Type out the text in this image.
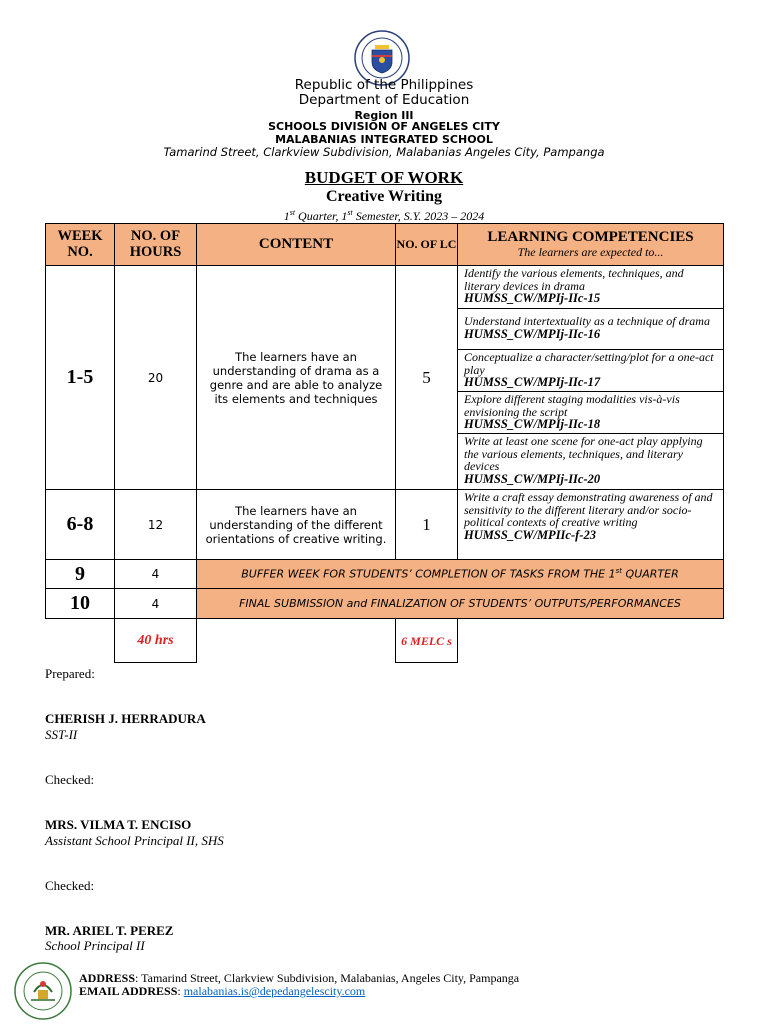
Republic of the Philippines
Department of Education
Region III
SCHOOLS DIVISION OF ANGELES CITY
MALABANIAS INTEGRATED SCHOOL
Tamarind Street, Clarkview Subdivision, Malabanias Angeles City, Pampanga
BUDGET OF WORK
Creative Writing
1st Quarter, 1st Semester, S.Y. 2023 – 2024
WEEK NO.	NO. OF HOURS	CONTENT	NO. OF LC	LEARNING COMPETENCIES
The learners are expected to...

1-5	20	The learners have an understanding of drama as a genre and are able to analyze its elements and techniques	5	Identify the various elements, techniques, and literary devices in drama
HUMSS_CW/MPIj-IIc-15
				Understand intertextuality as a technique of drama HUMSS_CW/MPIj-IIc-16
				Conceptualize a character/setting/plot for a one-act play
HUMSS_CW/MPIj-IIc-17
				Explore different staging modalities vis-à-vis envisioning the script
HUMSS_CW/MPIj-IIc-18
				Write at least one scene for one-act play applying the various elements, techniques, and literary devices
HUMSS_CW/MPIj-IIc-20
6-8	12	The learners have an understanding of the different orientations of creative writing.	1	Write a craft essay demonstrating awareness of and sensitivity to the different literary and/or socio-political contexts of creative writing
HUMSS_CW/MPIIc-f-23
9	4	BUFFER WEEK FOR STUDENTS’ COMPLETION OF TASKS FROM THE 1st QUARTER		
10	4	FINAL SUBMISSION and FINALIZATION OF STUDENTS’ OUTPUTS/PERFORMANCES		
	40 hrs		6 MELC s	
Prepared:
CHERISH J. HERRADURA
SST-II
Checked:
MRS. VILMA T. ENCISO
Assistant School Principal II, SHS
Checked:
MR. ARIEL T. PEREZ
School Principal II
ADDRESS: Tamarind Street, Clarkview Subdivision, Malabanias, Angeles City, Pampanga
EMAIL ADDRESS: malabanias.is@depedangelescity.com
